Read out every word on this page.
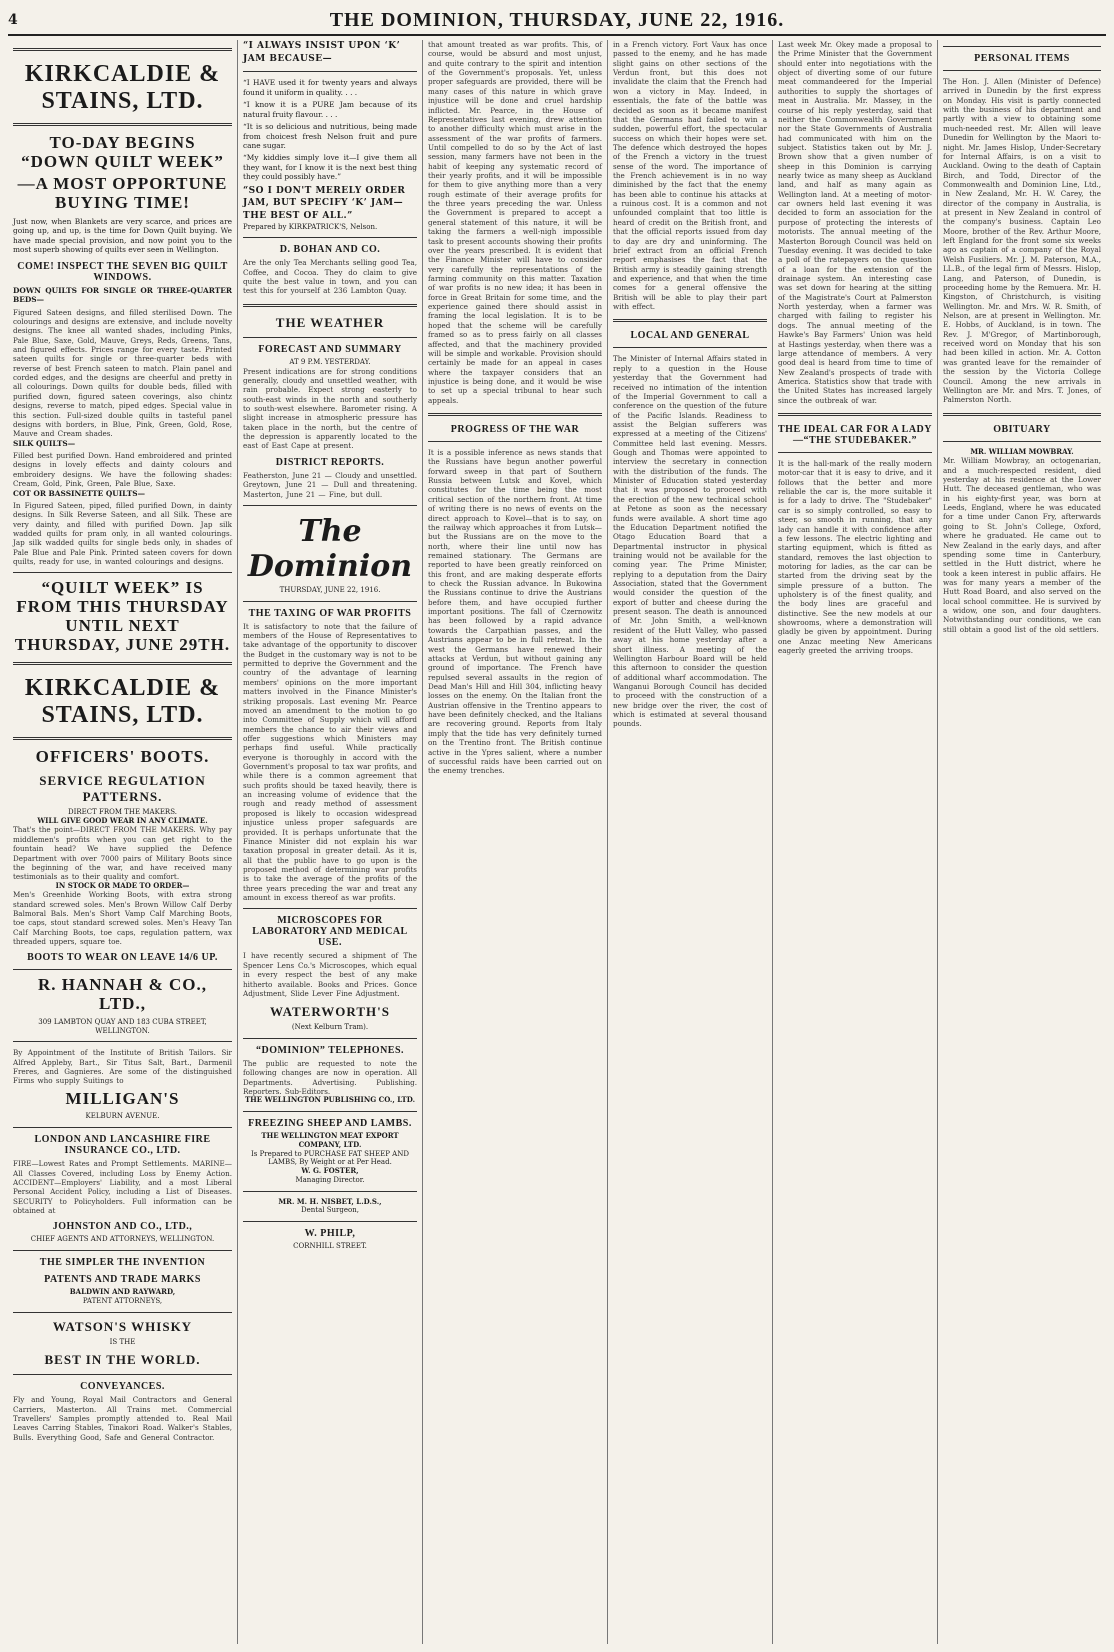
4	THE DOMINION, THURSDAY, JUNE 22, 1916.
KIRKCALDIE & STAINS, LTD.
TO-DAY BEGINS “DOWN QUILT WEEK”
—A MOST OPPORTUNE BUYING TIME!
Just now, when Blankets are very scarce, and prices are going up, and up, is the time for Down Quilt buying. We have made special provision, and now point you to the most superb showing of quilts ever seen in Wellington.
COME! INSPECT THE SEVEN BIG QUILT WINDOWS.
DOWN QUILTS FOR SINGLE OR THREE-QUARTER BEDS—
Figured Sateen designs, and filled sterilised Down. The colourings and designs are extensive, and include novelty designs. The knee all wanted shades, including Pinks, Pale Blue, Saxe, Gold, Mauve, Greys, Reds, Greens, Tans, and figured effects. Prices range for every taste. Printed sateen quilts for single or three-quarter beds with reverse of best French sateen to match. Plain panel and corded edges, and the designs are cheerful and pretty in all colourings. Down quilts for double beds, filled with purified down, figured sateen coverings, also chintz designs, reverse to match, piped edges. Special value in this section. Full-sized double quilts in tasteful panel designs with borders, in Blue, Pink, Green, Gold, Rose, Mauve and Cream shades.
SILK QUILTS—
Filled best purified Down. Hand embroidered and printed designs in lovely effects and dainty colours and embroidery designs. We have the following shades: Cream, Gold, Pink, Green, Pale Blue, Saxe.
COT OR BASSINETTE QUILTS—
In Figured Sateen, piped, filled purified Down, in dainty designs. In Silk Reverse Sateen, and all Silk. These are very dainty, and filled with purified Down. Jap silk wadded quilts for pram only, in all wanted colourings. Jap silk wadded quilts for single beds only, in shades of Pale Blue and Pale Pink. Printed sateen covers for down quilts, ready for use, in wanted colourings and designs.
“QUILT WEEK” IS FROM THIS THURSDAY UNTIL NEXT THURSDAY, JUNE 29TH.
KIRKCALDIE & STAINS, LTD.
OFFICERS' BOOTS.
SERVICE REGULATION PATTERNS.
DIRECT FROM THE MAKERS.
WILL GIVE GOOD WEAR IN ANY CLIMATE.
That's the point—DIRECT FROM THE MAKERS. Why pay middlemen's profits when you can get right to the fountain head? We have supplied the Defence Department with over 7000 pairs of Military Boots since the beginning of the war, and have received many testimonials as to their quality and comfort.
IN STOCK OR MADE TO ORDER—
Men's Greenhide Working Boots, with extra strong standard screwed soles. Men's Brown Willow Calf Derby Balmoral Bals. Men's Short Vamp Calf Marching Boots, toe caps, stout standard screwed soles. Men's Heavy Tan Calf Marching Boots, toe caps, regulation pattern, wax threaded uppers, square toe.
BOOTS TO WEAR ON LEAVE 14/6 UP.
R. HANNAH & CO., LTD.,
309 LAMBTON QUAY AND 183 CUBA STREET,
WELLINGTON.
By Appointment of the Institute of British Tailors. Sir Alfred Appleby, Bart., Sir Titus Salt, Bart., Darmenil Freres, and Gagnieres. Are some of the distinguished Firms who supply Suitings to
MILLIGAN'S
KELBURN AVENUE.
LONDON AND LANCASHIRE FIRE INSURANCE CO., LTD.
FIRE—Lowest Rates and Prompt Settlements. MARINE—All Classes Covered, including Loss by Enemy Action. ACCIDENT—Employers' Liability, and a most Liberal Personal Accident Policy, including a List of Diseases. SECURITY to Policyholders. Full information can be obtained at
JOHNSTON AND CO., LTD.,
CHIEF AGENTS AND ATTORNEYS, WELLINGTON.
THE SIMPLER THE INVENTION
PATENTS AND TRADE MARKS
BALDWIN AND RAYWARD,
PATENT ATTORNEYS,
WATSON'S WHISKY
IS THE
BEST IN THE WORLD.
CONVEYANCES.
Fly and Young, Royal Mail Contractors and General Carriers, Masterton. All Trains met. Commercial Travellers' Samples promptly attended to. Real Mail Leaves Carring Stables, Tinakori Road. Walker's Stables, Bulls. Everything Good, Safe and General Contractor.
“I ALWAYS INSIST UPON ‘K’ JAM BECAUSE—
“I HAVE used it for twenty years and always found it uniform in quality. . . .
“I know it is a PURE Jam because of its natural fruity flavour. . . .
“It is so delicious and nutritious, being made from choicest fresh Nelson fruit and pure cane sugar.
“My kiddies simply love it—I give them all they want, for I know it is the next best thing they could possibly have.”
“SO I DON'T MERELY ORDER JAM, BUT SPECIFY ‘K’ JAM—THE BEST OF ALL.”
Prepared by KIRKPATRICK'S, Nelson.
D. BOHAN AND CO.
Are the only Tea Merchants selling good Tea, Coffee, and Cocoa. They do claim to give quite the best value in town, and you can test this for yourself at 236 Lambton Quay.
THE WEATHER
FORECAST AND SUMMARY
AT 9 P.M. YESTERDAY.
Present indications are for strong conditions generally, cloudy and unsettled weather, with rain probable. Expect strong easterly to south-east winds in the north and southerly to south-west elsewhere. Barometer rising. A slight increase in atmospheric pressure has taken place in the north, but the centre of the depression is apparently located to the east of East Cape at present.
DISTRICT REPORTS.
Featherston, June 21 — Cloudy and unsettled. Greytown, June 21 — Dull and threatening. Masterton, June 21 — Fine, but dull.
The Dominion
THURSDAY, JUNE 22, 1916.
THE TAXING OF WAR PROFITS
It is satisfactory to note that the failure of members of the House of Representatives to take advantage of the opportunity to discover the Budget in the customary way is not to be permitted to deprive the Government and the country of the advantage of learning members' opinions on the more important matters involved in the Finance Minister's striking proposals. Last evening Mr. Pearce moved an amendment to the motion to go into Committee of Supply which will afford members the chance to air their views and offer suggestions which Ministers may perhaps find useful. While practically everyone is thoroughly in accord with the Government's proposal to tax war profits, and while there is a common agreement that such profits should be taxed heavily, there is an increasing volume of evidence that the rough and ready method of assessment proposed is likely to occasion widespread injustice unless proper safeguards are provided. It is perhaps unfortunate that the Finance Minister did not explain his war taxation proposal in greater detail. As it is, all that the public have to go upon is the proposed method of determining war profits is to take the average of the profits of the three years preceding the war and treat any amount in excess thereof as war profits.
MICROSCOPES FOR LABORATORY AND MEDICAL USE.
I have recently secured a shipment of The Spencer Lens Co.'s Microscopes, which equal in every respect the best of any make hitherto available. Books and Prices. Gonce Adjustment, Slide Lever Fine Adjustment.
WATERWORTH'S
(Next Kelburn Tram).
“DOMINION” TELEPHONES.
The public are requested to note the following changes are now in operation. All Departments. Advertising. Publishing. Reporters. Sub-Editors.
THE WELLINGTON PUBLISHING CO., LTD.
FREEZING SHEEP AND LAMBS.
THE WELLINGTON MEAT EXPORT COMPANY, LTD.
Is Prepared to PURCHASE FAT SHEEP AND LAMBS, By Weight or at Per Head.
W. G. FOSTER,
Managing Director.
MR. M. H. NISBET, L.D.S.,
Dental Surgeon,
W. PHILP,
CORNHILL STREET.
that amount treated as war profits. This, of course, would be absurd and most unjust, and quite contrary to the spirit and intention of the Government's proposals. Yet, unless proper safeguards are provided, there will be many cases of this nature in which grave injustice will be done and cruel hardship inflicted. Mr. Pearce, in the House of Representatives last evening, drew attention to another difficulty which must arise in the assessment of the war profits of farmers. Until compelled to do so by the Act of last session, many farmers have not been in the habit of keeping any systematic record of their yearly profits, and it will be impossible for them to give anything more than a very rough estimate of their average profits for the three years preceding the war. Unless the Government is prepared to accept a general statement of this nature, it will be taking the farmers a well-nigh impossible task to present accounts showing their profits over the years prescribed. It is evident that the Finance Minister will have to consider very carefully the representations of the farming community on this matter. Taxation of war profits is no new idea; it has been in force in Great Britain for some time, and the experience gained there should assist in framing the local legislation. It is to be hoped that the scheme will be carefully framed so as to press fairly on all classes affected, and that the machinery provided will be simple and workable. Provision should certainly be made for an appeal in cases where the taxpayer considers that an injustice is being done, and it would be wise to set up a special tribunal to hear such appeals.
PROGRESS OF THE WAR
It is a possible inference as news stands that the Russians have begun another powerful forward sweep in that part of Southern Russia between Lutsk and Kovel, which constitutes for the time being the most critical section of the northern front. At time of writing there is no news of events on the direct approach to Kovel—that is to say, on the railway which approaches it from Lutsk—but the Russians are on the move to the north, where their line until now has remained stationary. The Germans are reported to have been greatly reinforced on this front, and are making desperate efforts to check the Russian advance. In Bukowina the Russians continue to drive the Austrians before them, and have occupied further important positions. The fall of Czernowitz has been followed by a rapid advance towards the Carpathian passes, and the Austrians appear to be in full retreat. In the west the Germans have renewed their attacks at Verdun, but without gaining any ground of importance. The French have repulsed several assaults in the region of Dead Man's Hill and Hill 304, inflicting heavy losses on the enemy. On the Italian front the Austrian offensive in the Trentino appears to have been definitely checked, and the Italians are recovering ground. Reports from Italy imply that the tide has very definitely turned on the Trentino front. The British continue active in the Ypres salient, where a number of successful raids have been carried out on the enemy trenches.
in a French victory. Fort Vaux has once passed to the enemy, and he has made slight gains on other sections of the Verdun front, but this does not invalidate the claim that the French had won a victory in May. Indeed, in essentials, the fate of the battle was decided as soon as it became manifest that the Germans had failed to win a sudden, powerful effort, the spectacular success on which their hopes were set. The defence which destroyed the hopes of the French a victory in the truest sense of the word. The importance of the French achievement is in no way diminished by the fact that the enemy has been able to continue his attacks at a ruinous cost. It is a common and not unfounded complaint that too little is heard of credit on the British front, and that the official reports issued from day to day are dry and uninforming. The brief extract from an official French report emphasises the fact that the British army is steadily gaining strength and experience, and that when the time comes for a general offensive the British will be able to play their part with effect.
LOCAL AND GENERAL
The Minister of Internal Affairs stated in reply to a question in the House yesterday that the Government had received no intimation of the intention of the Imperial Government to call a conference on the question of the future of the Pacific Islands. Readiness to assist the Belgian sufferers was expressed at a meeting of the Citizens' Committee held last evening. Messrs. Gough and Thomas were appointed to interview the secretary in connection with the distribution of the funds. The Minister of Education stated yesterday that it was proposed to proceed with the erection of the new technical school at Petone as soon as the necessary funds were available. A short time ago the Education Department notified the Otago Education Board that a Departmental instructor in physical training would not be available for the coming year. The Prime Minister, replying to a deputation from the Dairy Association, stated that the Government would consider the question of the export of butter and cheese during the present season. The death is announced of Mr. John Smith, a well-known resident of the Hutt Valley, who passed away at his home yesterday after a short illness. A meeting of the Wellington Harbour Board will be held this afternoon to consider the question of additional wharf accommodation. The Wanganui Borough Council has decided to proceed with the construction of a new bridge over the river, the cost of which is estimated at several thousand pounds.
Last week Mr. Okey made a proposal to the Prime Minister that the Government should enter into negotiations with the object of diverting some of our future meat commandeered for the Imperial authorities to supply the shortages of meat in Australia. Mr. Massey, in the course of his reply yesterday, said that neither the Commonwealth Government nor the State Governments of Australia had communicated with him on the subject. Statistics taken out by Mr. J. Brown show that a given number of sheep in this Dominion is carrying nearly twice as many sheep as Auckland land, and half as many again as Wellington land. At a meeting of motor-car owners held last evening it was decided to form an association for the purpose of protecting the interests of motorists. The annual meeting of the Masterton Borough Council was held on Tuesday evening. It was decided to take a poll of the ratepayers on the question of a loan for the extension of the drainage system. An interesting case was set down for hearing at the sitting of the Magistrate's Court at Palmerston North yesterday, when a farmer was charged with failing to register his dogs. The annual meeting of the Hawke's Bay Farmers' Union was held at Hastings yesterday, when there was a large attendance of members. A very good deal is heard from time to time of New Zealand's prospects of trade with America. Statistics show that trade with the United States has increased largely since the outbreak of war.
THE IDEAL CAR FOR A LADY—“THE STUDEBAKER.”
It is the hall-mark of the really modern motor-car that it is easy to drive, and it follows that the better and more reliable the car is, the more suitable it is for a lady to drive. The "Studebaker" car is so simply controlled, so easy to steer, so smooth in running, that any lady can handle it with confidence after a few lessons. The electric lighting and starting equipment, which is fitted as standard, removes the last objection to motoring for ladies, as the car can be started from the driving seat by the simple pressure of a button. The upholstery is of the finest quality, and the body lines are graceful and distinctive. See the new models at our showrooms, where a demonstration will gladly be given by appointment. During one Anzac meeting New Americans eagerly greeted the arriving troops.
PERSONAL ITEMS
The Hon. J. Allen (Minister of Defence) arrived in Dunedin by the first express on Monday. His visit is partly connected with the business of his department and partly with a view to obtaining some much-needed rest. Mr. Allen will leave Dunedin for Wellington by the Maori to-night. Mr. James Hislop, Under-Secretary for Internal Affairs, is on a visit to Auckland. Owing to the death of Captain Birch, and Todd, Director of the Commonwealth and Dominion Line, Ltd., in New Zealand, Mr. H. W. Carey, the director of the company in Australia, is at present in New Zealand in control of the company's business. Captain Leo Moore, brother of the Rev. Arthur Moore, left England for the front some six weeks ago as captain of a company of the Royal Welsh Fusiliers. Mr. J. M. Paterson, M.A., LL.B., of the legal firm of Messrs. Hislop, Lang, and Paterson, of Dunedin, is proceeding home by the Remuera. Mr. H. Kingston, of Christchurch, is visiting Wellington. Mr. and Mrs. W. R. Smith, of Nelson, are at present in Wellington. Mr. E. Hobbs, of Auckland, is in town. The Rev. J. M'Gregor, of Martinborough, received word on Monday that his son had been killed in action. Mr. A. Cotton was granted leave for the remainder of the session by the Victoria College Council. Among the new arrivals in Wellington are Mr. and Mrs. T. Jones, of Palmerston North.
OBITUARY
MR. WILLIAM MOWBRAY.
Mr. William Mowbray, an octogenarian, and a much-respected resident, died yesterday at his residence at the Lower Hutt. The deceased gentleman, who was in his eighty-first year, was born at Leeds, England, where he was educated for a time under Canon Fry, afterwards going to St. John's College, Oxford, where he graduated. He came out to New Zealand in the early days, and after spending some time in Canterbury, settled in the Hutt district, where he took a keen interest in public affairs. He was for many years a member of the Hutt Road Board, and also served on the local school committee. He is survived by a widow, one son, and four daughters. Notwithstanding our conditions, we can still obtain a good list of the old settlers.
